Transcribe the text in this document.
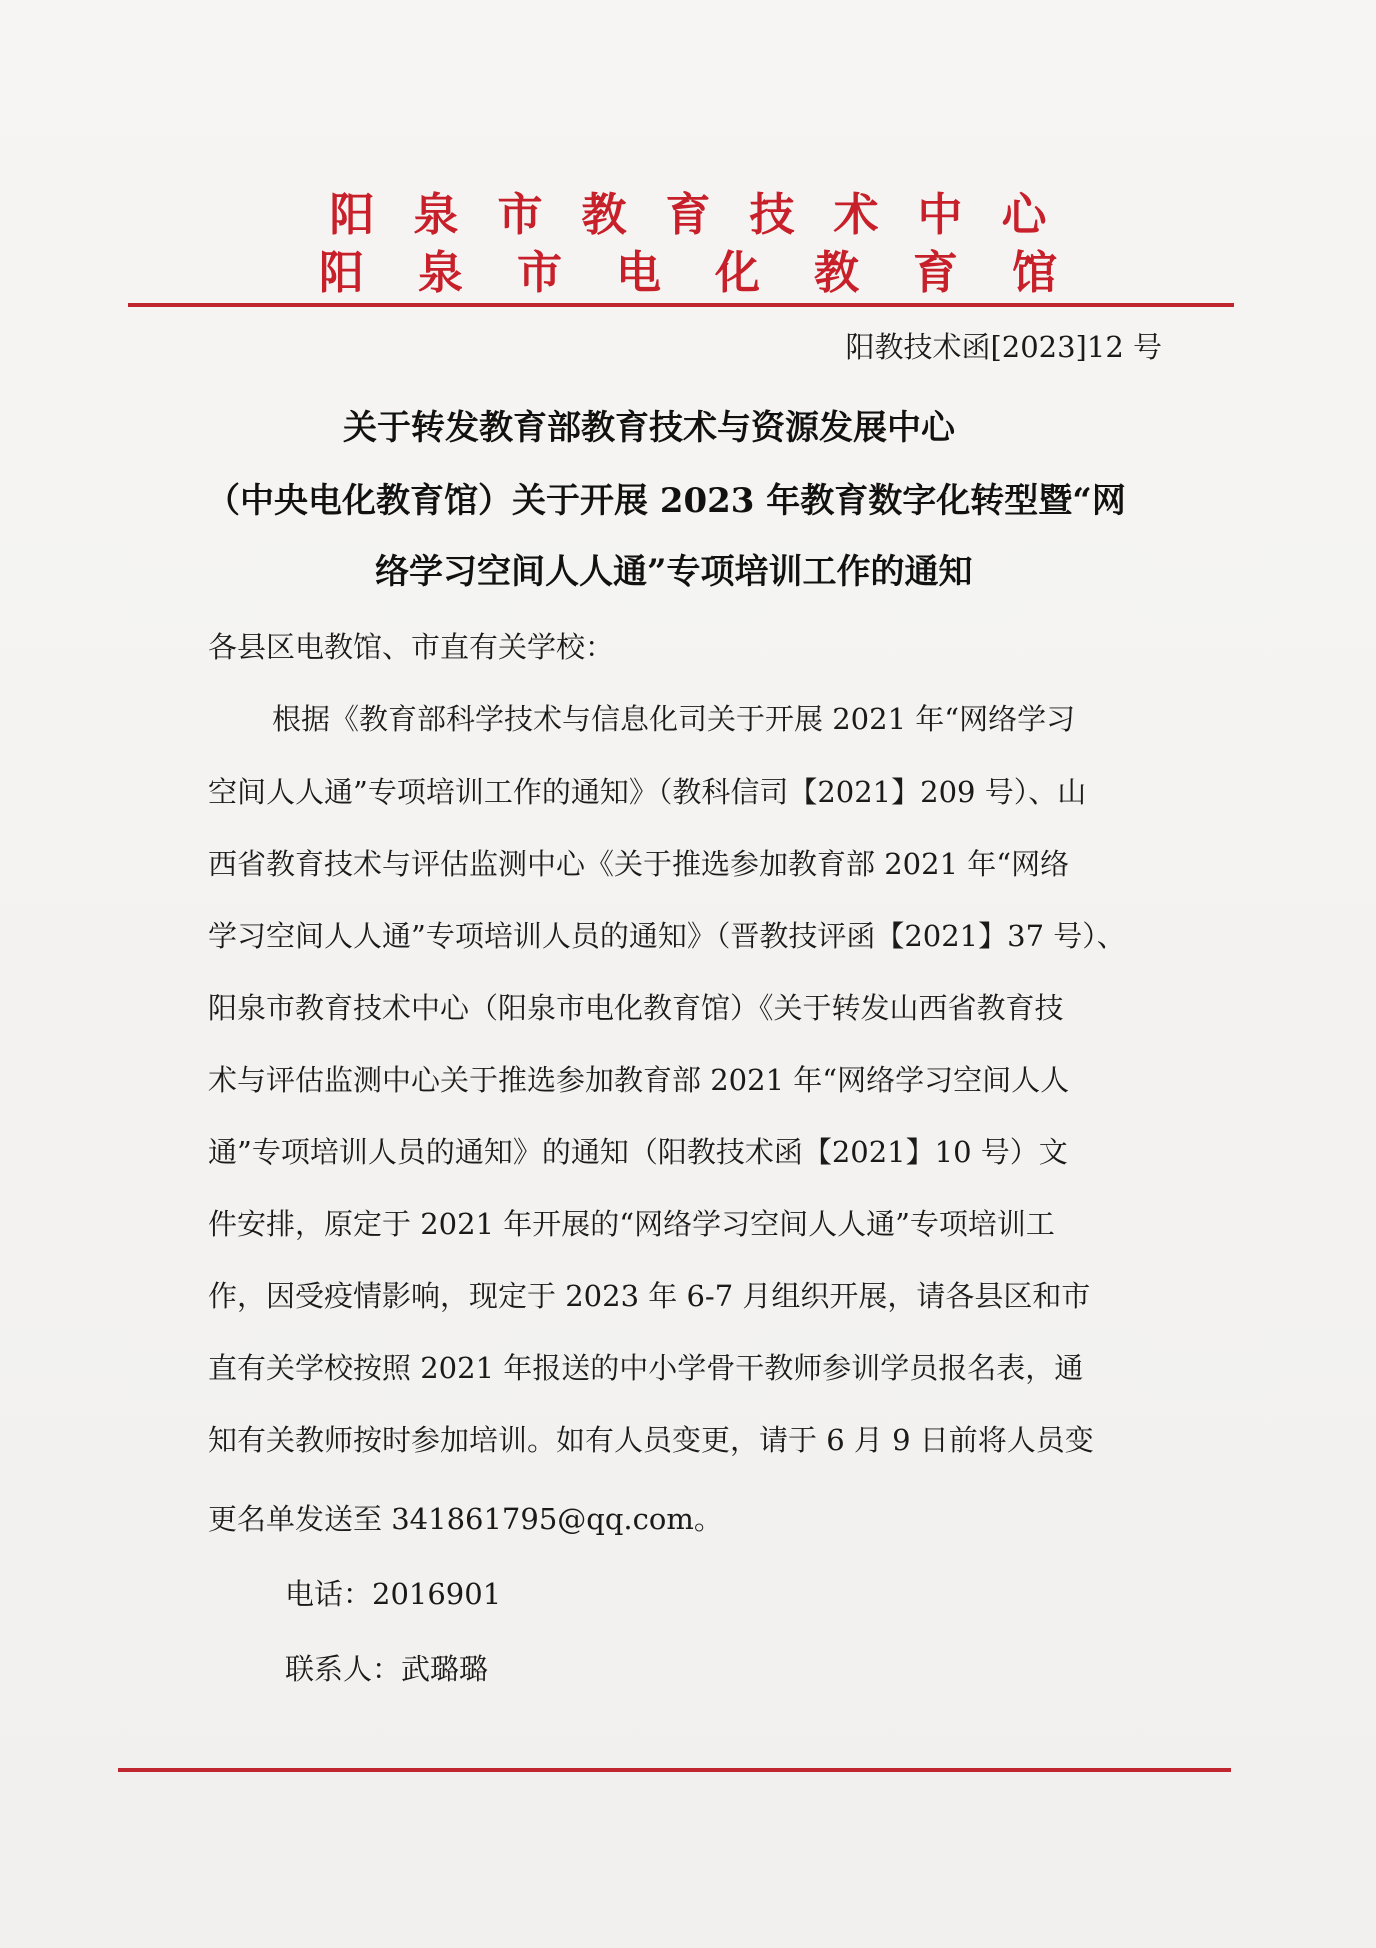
阳 泉 市 教 育 技 术 中 心
阳 泉 市 电 化 教 育 馆
阳教技术函[2023]12 号
关于转发教育部教育技术与资源发展中心
（中央电化教育馆）关于开展 2023 年教育数字化转型暨“网
络学习空间人人通”专项培训工作的通知
各县区电教馆、市直有关学校：
根据《教育部科学技术与信息化司关于开展 2021 年“网络学习
空间人人通”专项培训工作的通知》（教科信司【2021】209 号）、山
西省教育技术与评估监测中心《关于推选参加教育部 2021 年“网络
学习空间人人通”专项培训人员的通知》（晋教技评函【2021】37 号）、
阳泉市教育技术中心（阳泉市电化教育馆）《关于转发山西省教育技
术与评估监测中心关于推选参加教育部 2021 年“网络学习空间人人
通”专项培训人员的通知》的通知（阳教技术函【2021】10 号）文
件安排，原定于 2021 年开展的“网络学习空间人人通”专项培训工
作，因受疫情影响，现定于 2023 年 6-7 月组织开展，请各县区和市
直有关学校按照 2021 年报送的中小学骨干教师参训学员报名表，通
知有关教师按时参加培训。如有人员变更，请于 6 月 9 日前将人员变
更名单发送至 341861795@qq.com。
电话：2016901
联系人：武璐璐
